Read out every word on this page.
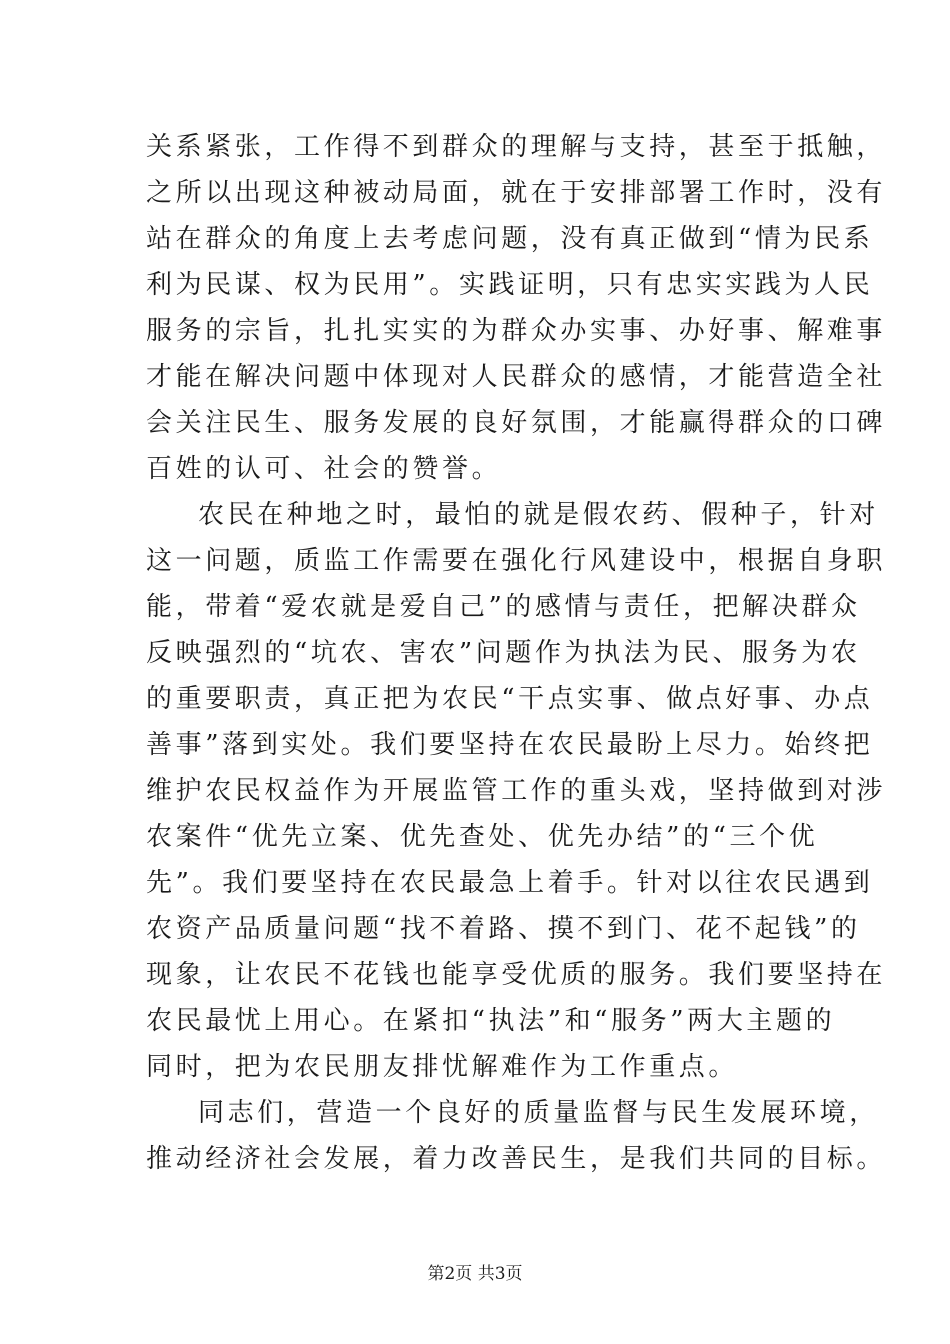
关系紧张，工作得不到群众的理解与支持，甚至于抵触，
之所以出现这种被动局面，就在于安排部署工作时，没有
站在群众的角度上去考虑问题，没有真正做到“情为民系
利为民谋、权为民用”。实践证明，只有忠实实践为人民
服务的宗旨，扎扎实实的为群众办实事、办好事、解难事
才能在解决问题中体现对人民群众的感情，才能营造全社
会关注民生、服务发展的良好氛围，才能赢得群众的口碑
百姓的认可、社会的赞誉。
农民在种地之时，最怕的就是假农药、假种子，针对
这一问题，质监工作需要在强化行风建设中，根据自身职
能，带着“爱农就是爱自己”的感情与责任，把解决群众
反映强烈的“坑农、害农”问题作为执法为民、服务为农
的重要职责，真正把为农民“干点实事、做点好事、办点
善事”落到实处。我们要坚持在农民最盼上尽力。始终把
维护农民权益作为开展监管工作的重头戏，坚持做到对涉
农案件“优先立案、优先查处、优先办结”的“三个优
先”。我们要坚持在农民最急上着手。针对以往农民遇到
农资产品质量问题“找不着路、摸不到门、花不起钱”的
现象，让农民不花钱也能享受优质的服务。我们要坚持在
农民最忧上用心。在紧扣“执法”和“服务”两大主题的
同时，把为农民朋友排忧解难作为工作重点。
同志们，营造一个良好的质量监督与民生发展环境，
推动经济社会发展，着力改善民生，是我们共同的目标。
第2页 共3页
